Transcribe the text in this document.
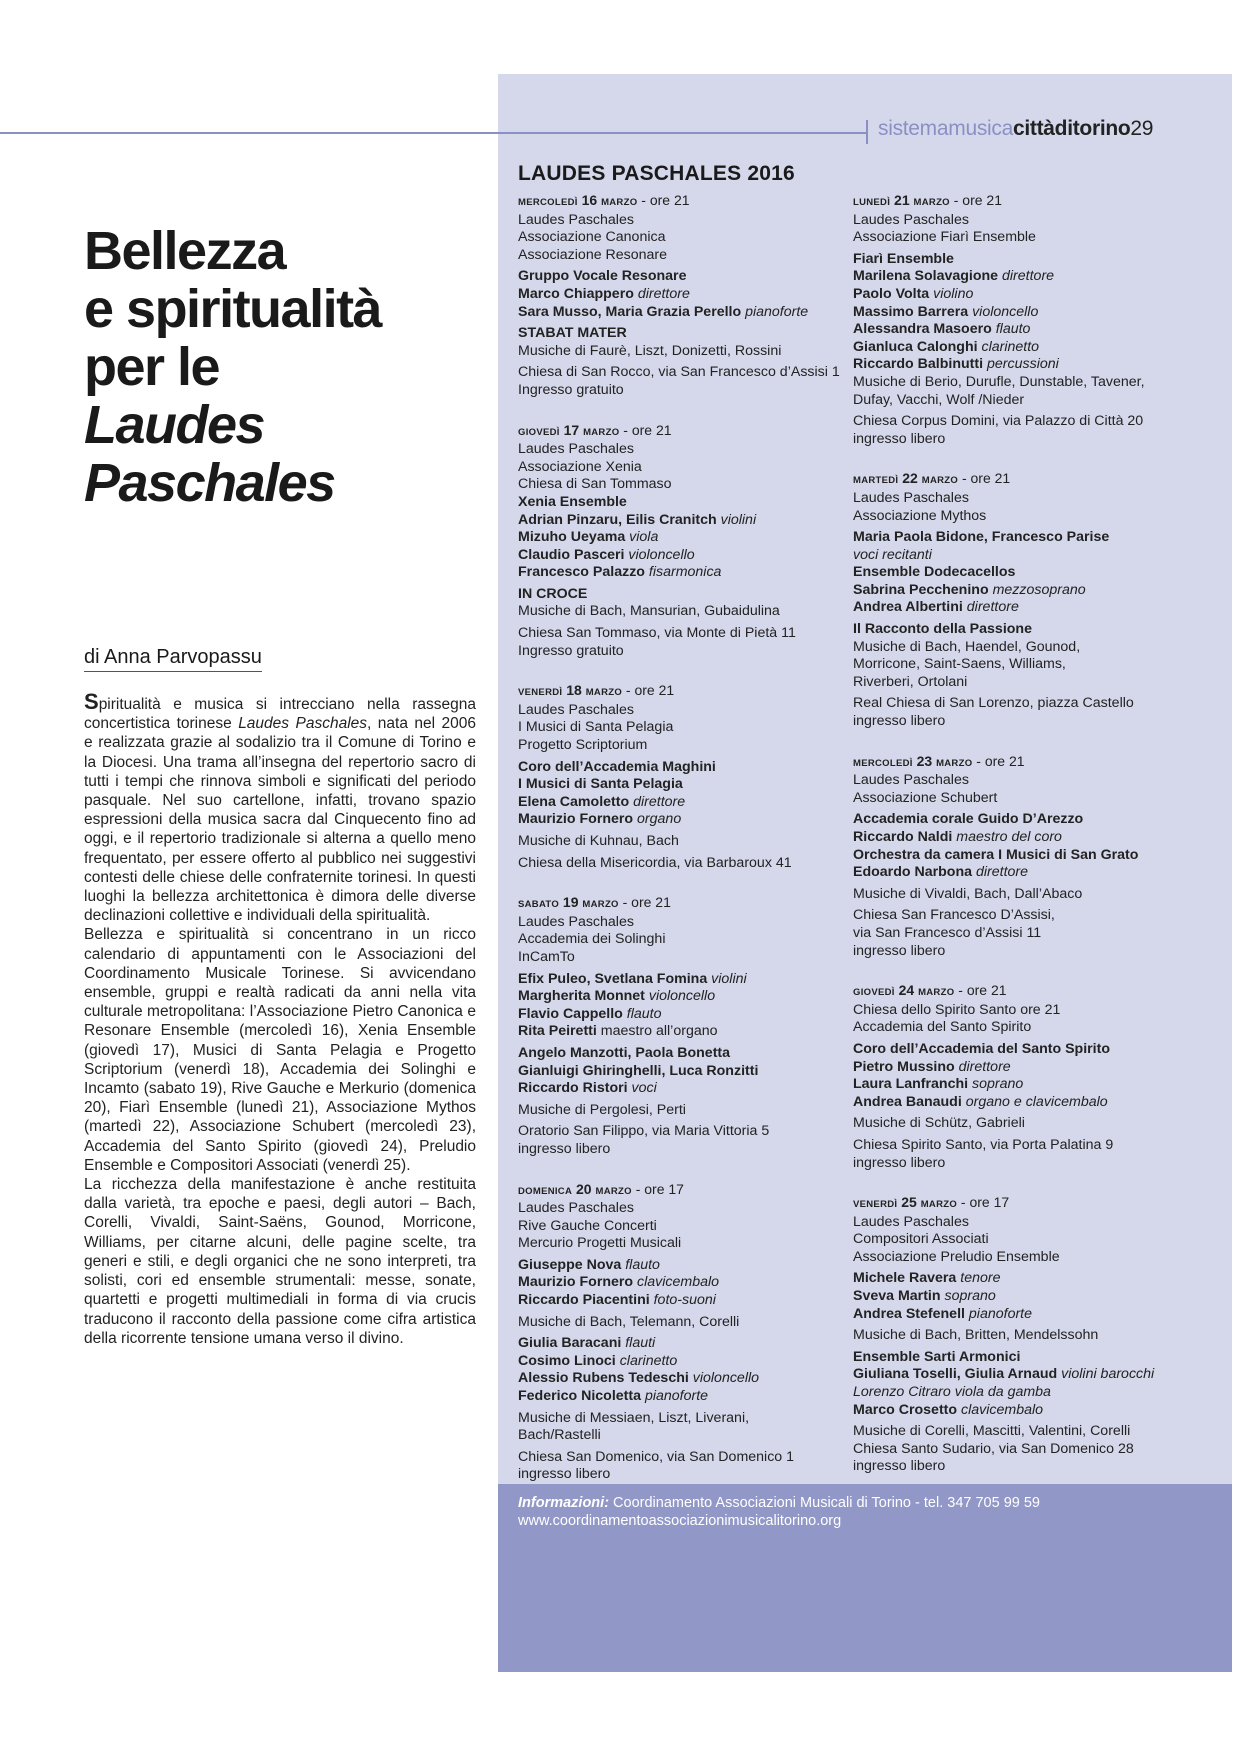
sistemamusicacittàditorino29
Bellezza
e spiritualità
per le
Laudes
Paschales
di Anna Parvopassu

Spiritualità e musica si intrecciano nella rassegna concertistica torinese Laudes Paschales, nata nel 2006 e realizzata grazie al sodalizio tra il Comune di Torino e la Diocesi. Una trama all’insegna del repertorio sacro di tutti i tempi che rinnova simboli e significati del periodo pasquale. Nel suo cartellone, infatti, trovano spazio espressioni della musica sacra dal Cinquecento fino ad oggi, e il repertorio tradizionale si alterna a quello meno frequentato, per essere offerto al pubblico nei suggestivi contesti delle chiese delle confraternite torinesi. In questi luoghi la bellezza architettonica è dimora delle diverse declinazioni collettive e individuali della spiritualità.

Bellezza e spiritualità si concentrano in un ricco calendario di appuntamenti con le Associazioni del Coordinamento Musicale Torinese. Si avvicendano ensemble, gruppi e realtà radicati da anni nella vita culturale metropolitana: l’Associazione Pietro Canonica e Resonare Ensemble (mercoledì 16), Xenia Ensemble (giovedì 17), Musici di Santa Pelagia e Progetto Scriptorium (venerdì 18), Accademia dei Solinghi e Incamto (sabato 19), Rive Gauche e Merkurio (domenica 20), Fiarì Ensemble (lunedì 21), Associazione Mythos (martedì 22), Associazione Schubert (mercoledì 23), Accademia del Santo Spirito (giovedì 24), Preludio Ensemble e Compositori Associati (venerdì 25).

La ricchezza della manifestazione è anche restituita dalla varietà, tra epoche e paesi, degli autori – Bach, Corelli, Vivaldi, Saint-Saëns, Gounod, Morricone, Williams, per citarne alcuni, delle pagine scelte, tra generi e stili, e degli organici che ne sono interpreti, tra solisti, cori ed ensemble strumentali: messe, sonate, quartetti e progetti multimediali in forma di via crucis traducono il racconto della passione come cifra artistica della ricorrente tensione umana verso il divino.

LAUDES PASCHALES 2016
MERCOLEDÌ 16 MARZO - ore 21
Laudes Paschales
Associazione Canonica
Associazione Resonare
Gruppo Vocale Resonare
Marco Chiappero direttore
Sara Musso, Maria Grazia Perello pianoforte
STABAT MATER
Musiche di Faurè, Liszt, Donizetti, Rossini
Chiesa di San Rocco, via San Francesco d’Assisi 1
Ingresso gratuito
GIOVEDÌ 17 MARZO - ore 21
Laudes Paschales
Associazione Xenia
Chiesa di San Tommaso
Xenia Ensemble
Adrian Pinzaru, Eilis Cranitch violini
Mizuho Ueyama viola
Claudio Pasceri violoncello
Francesco Palazzo fisarmonica
IN CROCE
Musiche di Bach, Mansurian, Gubaidulina
Chiesa San Tommaso, via Monte di Pietà 11
Ingresso gratuito
VENERDÌ 18 MARZO - ore 21
Laudes Paschales
I Musici di Santa Pelagia
Progetto Scriptorium
Coro dell’Accademia Maghini
I Musici di Santa Pelagia
Elena Camoletto direttore
Maurizio Fornero organo
Musiche di Kuhnau, Bach
Chiesa della Misericordia, via Barbaroux 41
SABATO 19 MARZO - ore 21
Laudes Paschales
Accademia dei Solinghi
InCamTo
Efix Puleo, Svetlana Fomina violini
Margherita Monnet violoncello
Flavio Cappello flauto
Rita Peiretti maestro all’organo
Angelo Manzotti, Paola Bonetta
Gianluigi Ghiringhelli, Luca Ronzitti
Riccardo Ristori voci
Musiche di Pergolesi, Perti
Oratorio San Filippo, via Maria Vittoria 5
ingresso libero
DOMENICA 20 MARZO - ore 17
Laudes Paschales
Rive Gauche Concerti
Mercurio Progetti Musicali
Giuseppe Nova flauto
Maurizio Fornero clavicembalo
Riccardo Piacentini foto-suoni
Musiche di Bach, Telemann, Corelli
Giulia Baracani flauti
Cosimo Linoci clarinetto
Alessio Rubens Tedeschi violoncello
Federico Nicoletta pianoforte
Musiche di Messiaen, Liszt, Liverani,
Bach/Rastelli
Chiesa San Domenico, via San Domenico 1
ingresso libero
LUNEDÌ 21 MARZO - ore 21
Laudes Paschales
Associazione Fiarì Ensemble
Fiarì Ensemble
Marilena Solavagione direttore
Paolo Volta violino
Massimo Barrera violoncello
Alessandra Masoero flauto
Gianluca Calonghi clarinetto
Riccardo Balbinutti percussioni
Musiche di Berio, Durufle, Dunstable, Tavener,
Dufay, Vacchi, Wolf /Nieder
Chiesa Corpus Domini, via Palazzo di Città 20
ingresso libero
MARTEDÌ 22 MARZO - ore 21
Laudes Paschales
Associazione Mythos
Maria Paola Bidone, Francesco Parise
voci recitanti
Ensemble Dodecacellos
Sabrina Pecchenino mezzosoprano
Andrea Albertini direttore
Il Racconto della Passione
Musiche di Bach, Haendel, Gounod,
Morricone, Saint-Saens, Williams,
Riverberi, Ortolani
Real Chiesa di San Lorenzo, piazza Castello
ingresso libero
MERCOLEDÌ 23 MARZO - ore 21
Laudes Paschales
Associazione Schubert
Accademia corale Guido D’Arezzo
Riccardo Naldi maestro del coro
Orchestra da camera I Musici di San Grato
Edoardo Narbona direttore
Musiche di Vivaldi, Bach, Dall’Abaco
Chiesa San Francesco D’Assisi,
via San Francesco d’Assisi 11
ingresso libero
GIOVEDÌ 24 MARZO - ore 21
Chiesa dello Spirito Santo ore 21
Accademia del Santo Spirito
Coro dell’Accademia del Santo Spirito
Pietro Mussino direttore
Laura Lanfranchi soprano
Andrea Banaudi organo e clavicembalo
Musiche di Schütz, Gabrieli
Chiesa Spirito Santo, via Porta Palatina 9
ingresso libero
VENERDÌ 25 MARZO - ore 17
Laudes Paschales
Compositori Associati
Associazione Preludio Ensemble
Michele Ravera tenore
Sveva Martin soprano
Andrea Stefenell pianoforte
Musiche di Bach, Britten, Mendelssohn
Ensemble Sarti Armonici
Giuliana Toselli, Giulia Arnaud violini barocchi
Lorenzo Citraro viola da gamba
Marco Crosetto clavicembalo
Musiche di Corelli, Mascitti, Valentini, Corelli
Chiesa Santo Sudario, via San Domenico 28
ingresso libero
Informazioni: Coordinamento Associazioni Musicali di Torino - tel. 347 705 99 59
www.coordinamentoassociazionimusicalitorino.org
